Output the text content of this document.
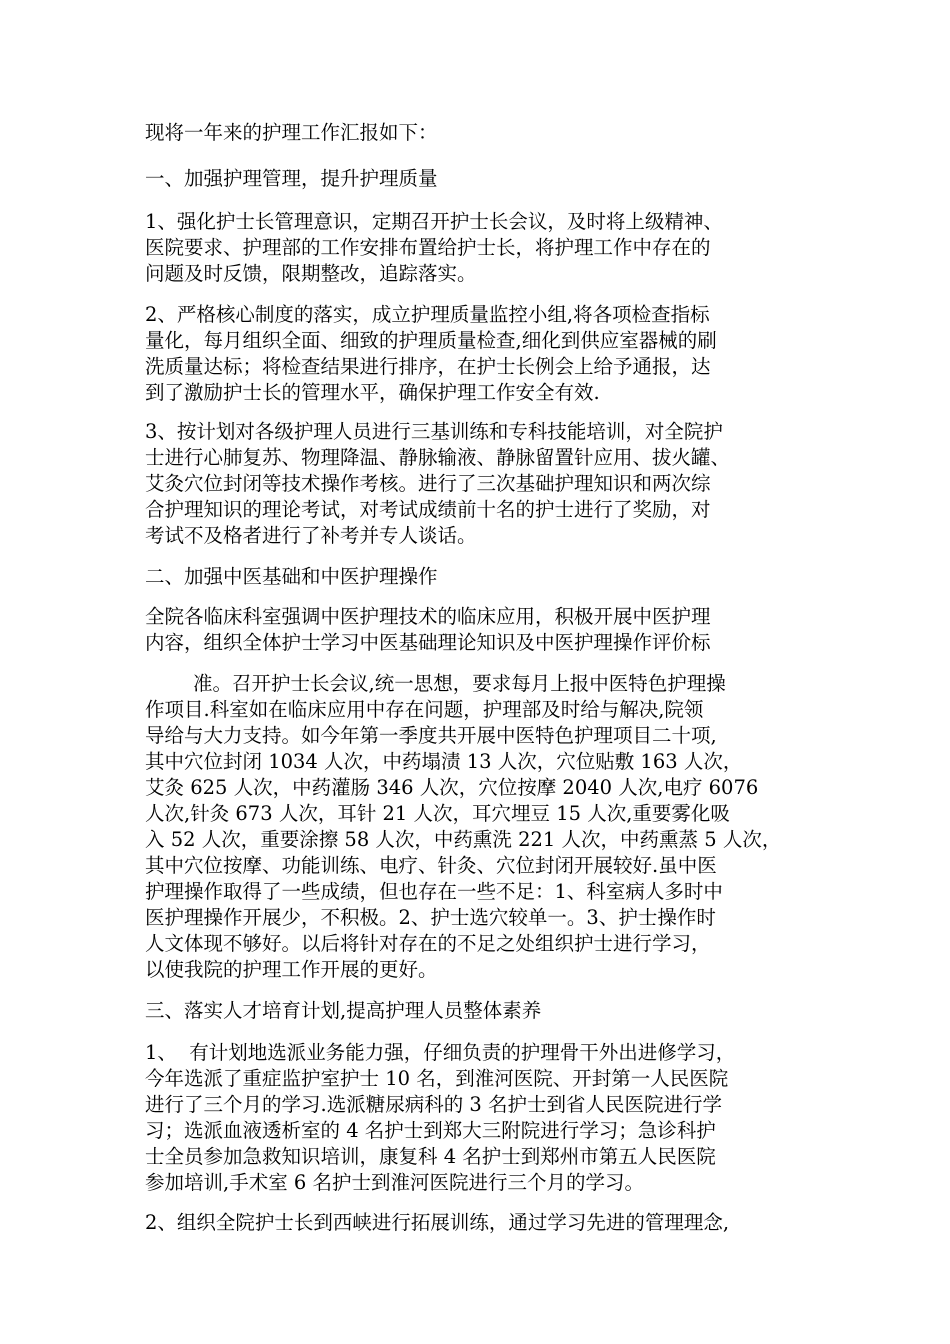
现将一年来的护理工作汇报如下：

一、加强护理管理，提升护理质量

1、强化护士长管理意识，定期召开护士长会议，及时将上级精神、

医院要求、护理部的工作安排布置给护士长，将护理工作中存在的

问题及时反馈，限期整改，追踪落实。

2、严格核心制度的落实，成立护理质量监控小组,将各项检查指标

量化，每月组织全面、细致的护理质量检查,细化到供应室器械的刷

洗质量达标；将检查结果进行排序，在护士长例会上给予通报，达

到了激励护士长的管理水平，确保护理工作安全有效.

3、按计划对各级护理人员进行三基训练和专科技能培训，对全院护

士进行心肺复苏、物理降温、静脉输液、静脉留置针应用、拔火罐、

艾灸穴位封闭等技术操作考核。进行了三次基础护理知识和两次综

合护理知识的理论考试，对考试成绩前十名的护士进行了奖励，对

考试不及格者进行了补考并专人谈话。

二、加强中医基础和中医护理操作

全院各临床科室强调中医护理技术的临床应用，积极开展中医护理

内容，组织全体护士学习中医基础理论知识及中医护理操作评价标

准。召开护士长会议,统一思想，要求每月上报中医特色护理操

作项目.科室如在临床应用中存在问题，护理部及时给与解决,院领

导给与大力支持。如今年第一季度共开展中医特色护理项目二十项,

其中穴位封闭 1034 人次，中药塌渍 13 人次，穴位贴敷 163 人次，

艾灸 625 人次，中药灌肠 346 人次，穴位按摩 2040 人次,电疗 6076

人次,针灸 673 人次，耳针 21 人次，耳穴埋豆 15 人次,重要雾化吸

入 52 人次，重要涂擦 58 人次，中药熏洗 221 人次，中药熏蒸 5 人次，

其中穴位按摩、功能训练、电疗、针灸、穴位封闭开展较好.虽中医

护理操作取得了一些成绩，但也存在一些不足：1、科室病人多时中

医护理操作开展少，不积极。2、护士选穴较单一。3、护士操作时

人文体现不够好。以后将针对存在的不足之处组织护士进行学习，

以使我院的护理工作开展的更好。

三、落实人才培育计划,提高护理人员整体素养

1、  有计划地选派业务能力强，仔细负责的护理骨干外出进修学习，

今年选派了重症监护室护士 10 名，到淮河医院、开封第一人民医院

进行了三个月的学习.选派糖尿病科的 3 名护士到省人民医院进行学

习；选派血液透析室的 4 名护士到郑大三附院进行学习；急诊科护

士全员参加急救知识培训，康复科 4 名护士到郑州市第五人民医院

参加培训,手术室 6 名护士到淮河医院进行三个月的学习。

2、组织全院护士长到西峡进行拓展训练，通过学习先进的管理理念,
